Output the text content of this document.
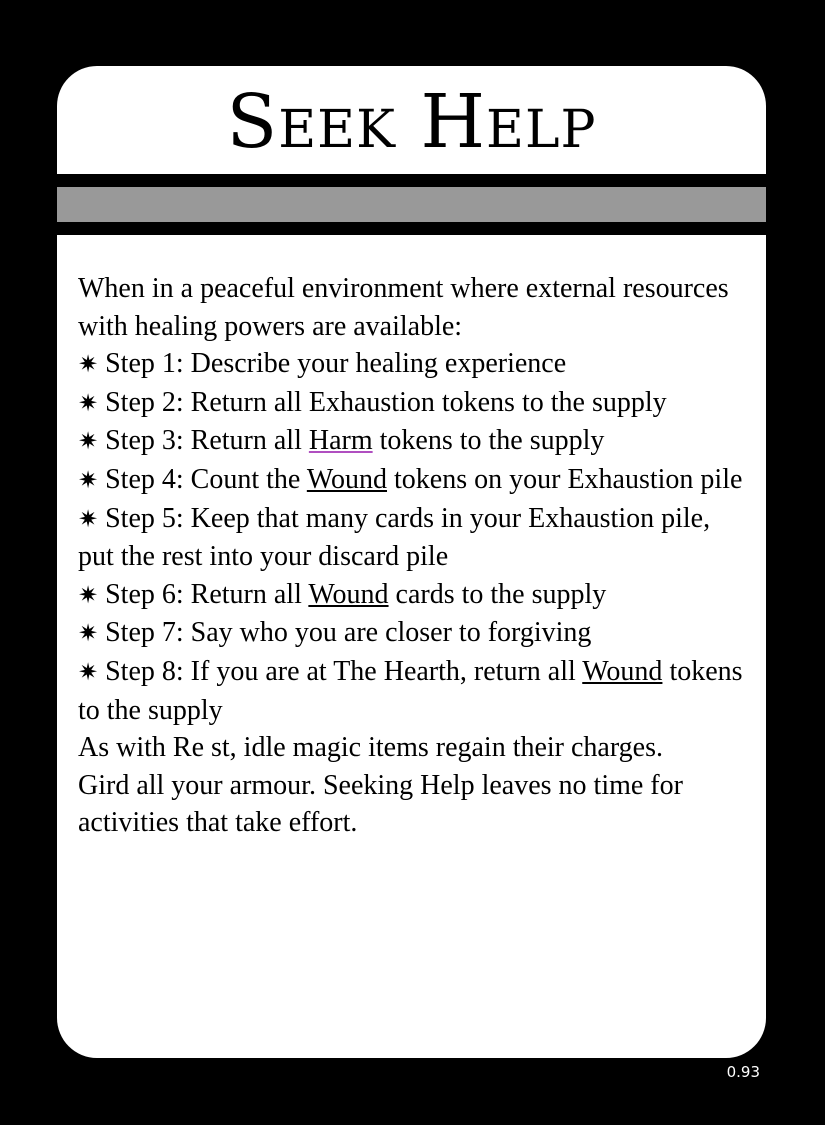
Seek Help
When in a peaceful environment where external resources with healing powers are available:
✷ Step 1: Describe your healing experience
✷ Step 2: Return all Exhaustion tokens to the supply
✷ Step 3: Return all Harm tokens to the supply
✷ Step 4: Count the Wound tokens on your Exhaustion pile
✷ Step 5: Keep that many cards in your Exhaustion pile, put the rest into your discard pile
✷ Step 6: Return all Wound cards to the supply
✷ Step 7: Say who you are closer to forgiving
✷ Step 8: If you are at The Hearth, return all Wound tokens to the supply
As with Re st, idle magic items regain their charges.
Gird all your armour. Seeking Help leaves no time for activities that take effort.
0.93
